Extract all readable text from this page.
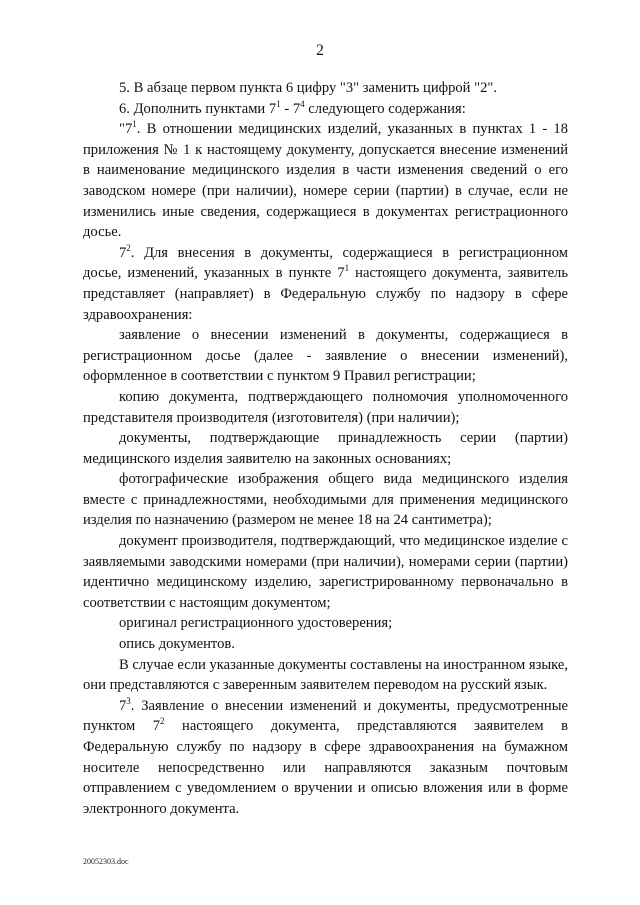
2

5. В абзаце первом пункта 6 цифру "3" заменить цифрой "2".

6. Дополнить пунктами $7^1 - 7^4$ следующего содержания:

"$7^1$. В отношении медицинских изделий, указанных в пунктах 1 - 18 приложения № 1 к настоящему документу, допускается внесение изменений в наименование медицинского изделия в части изменения сведений о его заводском номере (при наличии), номере серии (партии) в случае, если не изменились иные сведения, содержащиеся в документах регистрационного досье.

$7^2$. Для внесения в документы, содержащиеся в регистрационном досье, изменений, указанных в пункте $7^1$ настоящего документа, заявитель представляет (направляет) в Федеральную службу по надзору в сфере здравоохранения:

заявление о внесении изменений в документы, содержащиеся в регистрационном досье (далее - заявление о внесении изменений), оформленное в соответствии с пунктом 9 Правил регистрации;

копию документа, подтверждающего полномочия уполномоченного представителя производителя (изготовителя) (при наличии);

документы, подтверждающие принадлежность серии (партии) медицинского изделия заявителю на законных основаниях;

фотографические изображения общего вида медицинского изделия вместе с принадлежностями, необходимыми для применения медицинского изделия по назначению (размером не менее 18 на 24 сантиметра);

документ производителя, подтверждающий, что медицинское изделие с заявляемыми заводскими номерами (при наличии), номерами серии (партии) идентично медицинскому изделию, зарегистрированному первоначально в соответствии с настоящим документом;

оригинал регистрационного удостоверения;

опись документов.

В случае если указанные документы составлены на иностранном языке, они представляются с заверенным заявителем переводом на русский язык.

$7^3$. Заявление о внесении изменений и документы, предусмотренные пунктом $7^2$ настоящего документа, представляются заявителем в Федеральную службу по надзору в сфере здравоохранения на бумажном носителе непосредственно или направляются заказным почтовым отправлением с уведомлением о вручении и описью вложения или в форме электронного документа.

20052303.doc
